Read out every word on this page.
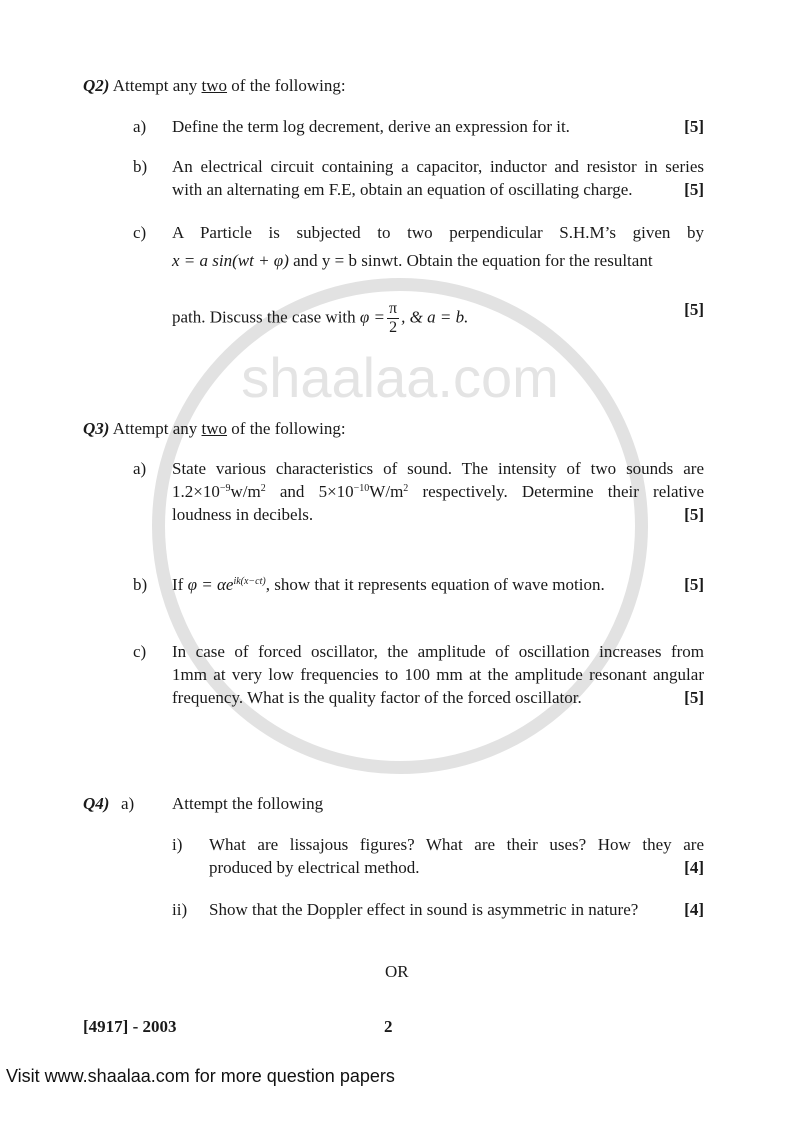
shaalaa.com
Q2) Attempt any two of the following:
a) Define the term log decrement, derive an expression for it.	[5]
b) An electrical circuit containing a capacitor, inductor and resistor in series
with an alternating em F.E, obtain an equation of oscillating charge.	[5]
c) A Particle is subjected to two perpendicular S.H.M’s given by
x = a sin(wt + φ) and y = b sinwt. Obtain the equation for the resultant
path. Discuss the case with $\varphi = \frac{\pi}{2}$ , & a = b.	[5]
Q3) Attempt any two of the following:
a) State various characteristics of sound. The intensity of two sounds are
$1.2\times 10^{-9}w/m^2$ and $5\times 10^{-10}W/m^2$ respectively. Determine their relative
loudness in decibels.	[5]
b) If $\varphi = \alpha e^{ik(x-ct)}$, show that it represents equation of wave motion.	[5]
c) In case of forced oscillator, the amplitude of oscillation increases from
1mm at very low frequencies to 100 mm at the amplitude resonant angular
frequency. What is the quality factor of the forced oscillator.	[5]
Q4) a) Attempt the following
i) What are lissajous figures? What are their uses? How they are
produced by electrical method.	[4]
ii) Show that the Doppler effect in sound is asymmetric in nature?	[4]
OR
[4917] - 2003	2
Visit www.shaalaa.com for more question papers
